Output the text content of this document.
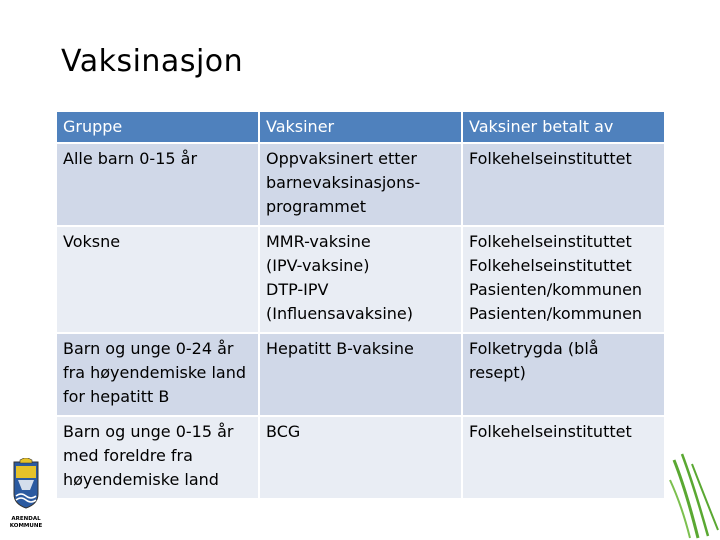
Vaksinasjon
Gruppe	Vaksiner	Vaksiner betalt av
Alle barn 0-15 år	Oppvaksinert etter
barnevaksinasjons-
programmet	Folkehelseinstituttet
Voksne	MMR-vaksine
(IPV-vaksine)
DTP-IPV
(Influensavaksine)	Folkehelseinstituttet
Folkehelseinstituttet
Pasienten/kommunen
Pasienten/kommunen
Barn og unge 0-24 år
fra høyendemiske land
for hepatitt B	Hepatitt B-vaksine	Folketrygda (blå
resept)
Barn og unge 0-15 år
med foreldre fra
høyendemiske land	BCG	Folkehelseinstituttet
ARENDAL
KOMMUNE
